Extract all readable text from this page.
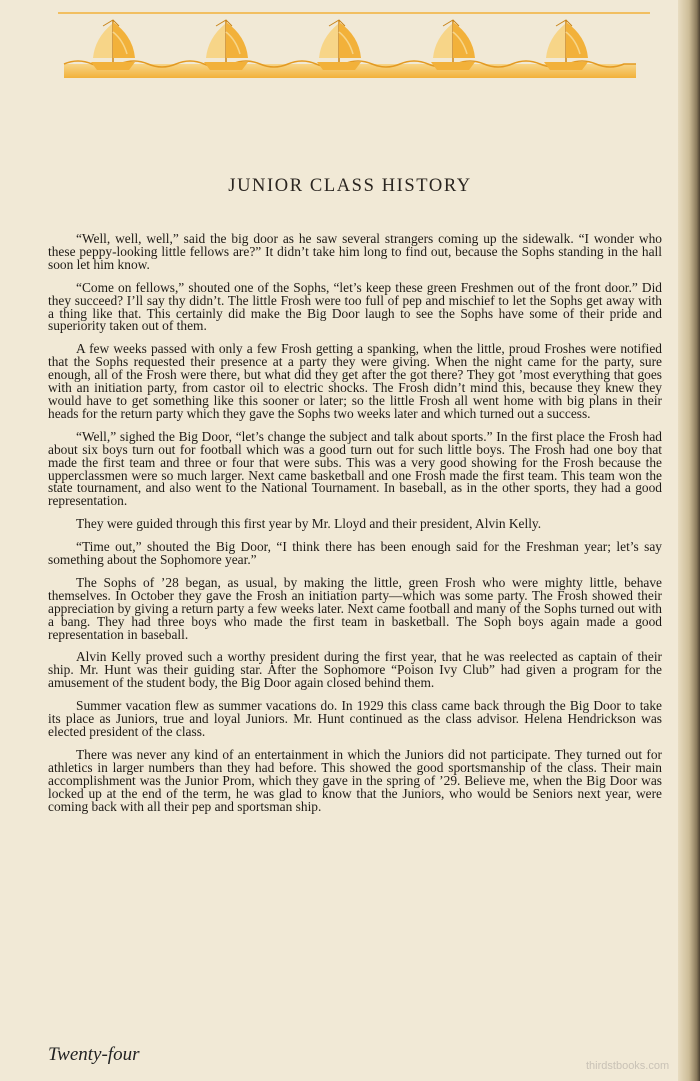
JUNIOR CLASS HISTORY

“Well, well, well,” said the big door as he saw several strangers coming up the sidewalk. “I wonder who these peppy-looking little fellows are?” It didn’t take him long to find out, because the Sophs standing in the hall soon let him know.

“Come on fellows,” shouted one of the Sophs, “let’s keep these green Freshmen out of the front door.” Did they succeed? I’ll say thy didn’t. The little Frosh were too full of pep and mischief to let the Sophs get away with a thing like that. This certainly did make the Big Door laugh to see the Sophs have some of their pride and superiority taken out of them.

A few weeks passed with only a few Frosh getting a spanking, when the little, proud Froshes were notified that the Sophs requested their presence at a party they were giving. When the night came for the party, sure enough, all of the Frosh were there, but what did they get after the got there? They got ’most everything that goes with an initiation party, from castor oil to electric shocks. The Frosh didn’t mind this, because they knew they would have to get something like this sooner or later; so the little Frosh all went home with big plans in their heads for the return party which they gave the Sophs two weeks later and which turned out a success.

“Well,” sighed the Big Door, “let’s change the subject and talk about sports.” In the first place the Frosh had about six boys turn out for football which was a good turn out for such little boys. The Frosh had one boy that made the first team and three or four that were subs. This was a very good showing for the Frosh because the upperclassmen were so much larger. Next came basketball and one Frosh made the first team. This team won the state tournament, and also went to the National Tournament. In baseball, as in the other sports, they had a good representation.

They were guided through this first year by Mr. Lloyd and their president, Alvin Kelly.

“Time out,” shouted the Big Door, “I think there has been enough said for the Freshman year; let’s say something about the Sophomore year.”

The Sophs of ’28 began, as usual, by making the little, green Frosh who were mighty little, behave themselves. In October they gave the Frosh an initiation party—which was some party. The Frosh showed their appreciation by giving a return party a few weeks later. Next came football and many of the Sophs turned out with a bang. They had three boys who made the first team in basketball. The Soph boys again made a good representation in baseball.

Alvin Kelly proved such a worthy president during the first year, that he was reelected as captain of their ship. Mr. Hunt was their guiding star. After the Sophomore “Poison Ivy Club” had given a program for the amusement of the student body, the Big Door again closed behind them.

Summer vacation flew as summer vacations do. In 1929 this class came back through the Big Door to take its place as Juniors, true and loyal Juniors. Mr. Hunt continued as the class advisor. Helena Hendrickson was elected president of the class.

There was never any kind of an entertainment in which the Juniors did not participate. They turned out for athletics in larger numbers than they had before. This showed the good sportsmanship of the class. Their main accomplishment was the Junior Prom, which they gave in the spring of ’29. Believe me, when the Big Door was locked up at the end of the term, he was glad to know that the Juniors, who would be Seniors next year, were coming back with all their pep and sportsman ship.

Twenty-four
thirdstbooks.com
